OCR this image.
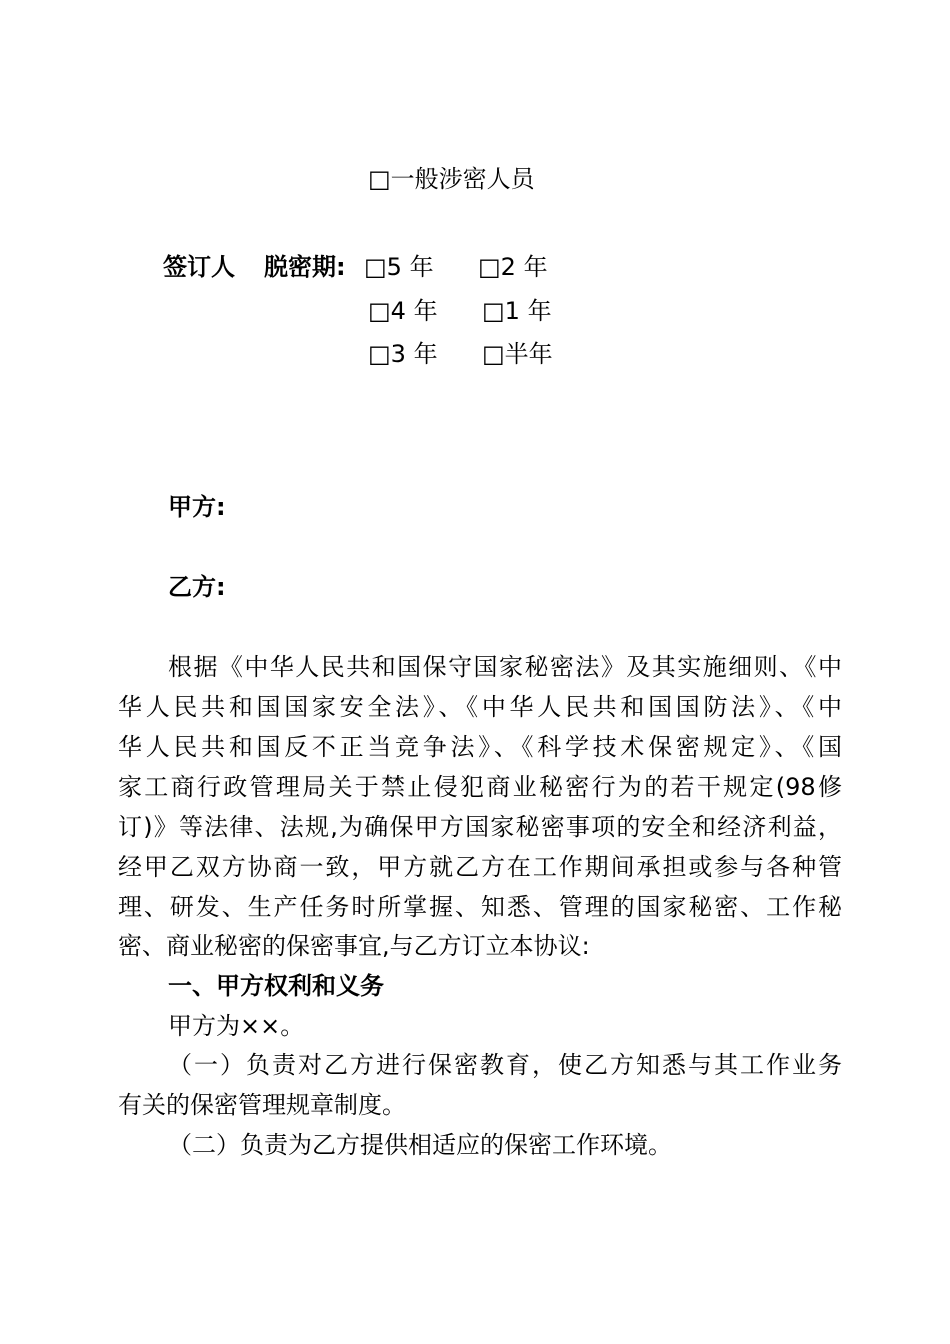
□一般涉密人员
签订人 脱密期: □5 年 □2 年
□4 年 □1 年
□3 年 □半年
甲方:
乙方:
根据《中华人民共和国保守国家秘密法》及其实施细则、《中
华人民共和国国家安全法》、《中华人民共和国国防法》、《中
华人民共和国反不正当竞争法》、《科学技术保密规定》、《国
家工商行政管理局关于禁止侵犯商业秘密行为的若干规定(98修
订)》等法律、法规,为确保甲方国家秘密事项的安全和经济利益，
经甲乙双方协商一致，甲方就乙方在工作期间承担或参与各种管
理、研发、生产任务时所掌握、知悉、管理的国家秘密、工作秘
密、商业秘密的保密事宜,与乙方订立本协议:
一、甲方权利和义务
甲方为××。
（一）负责对乙方进行保密教育，使乙方知悉与其工作业务
有关的保密管理规章制度。
（二）负责为乙方提供相适应的保密工作环境。
